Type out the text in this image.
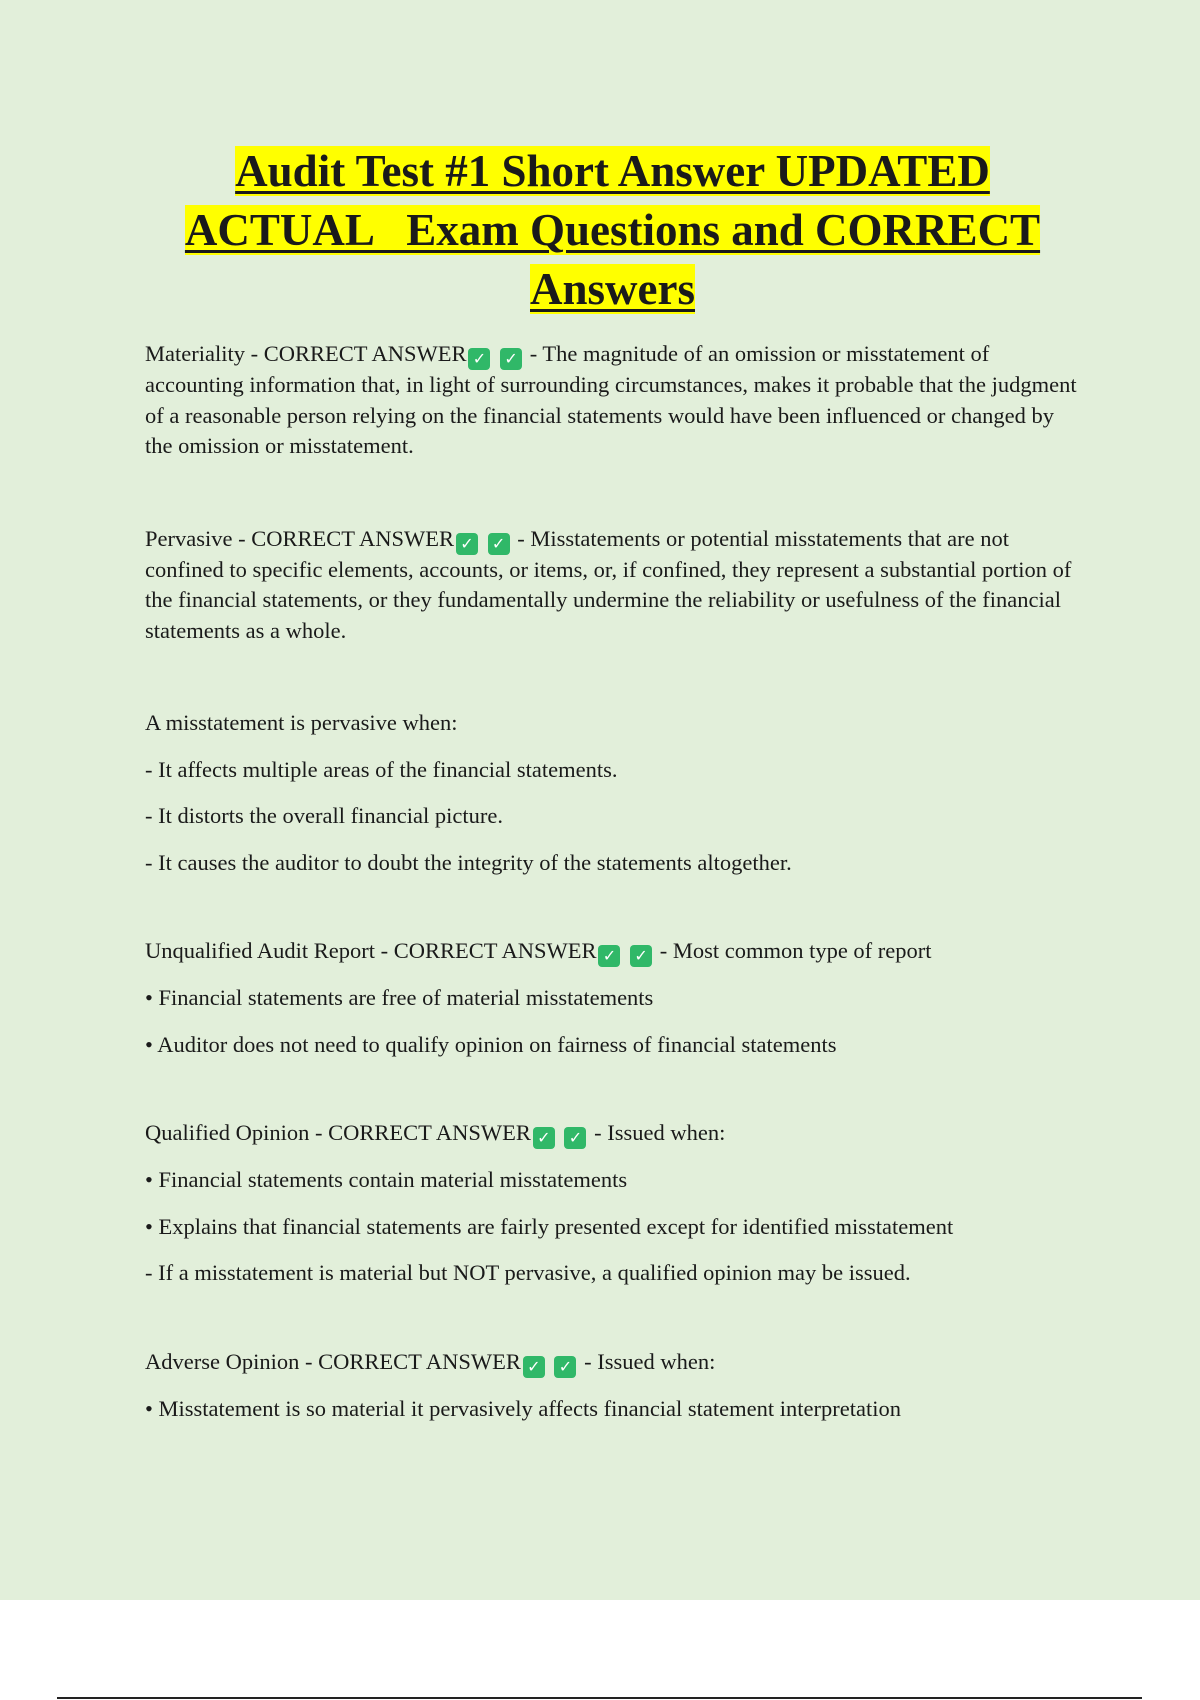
Audit Test #1 Short Answer UPDATED
ACTUAL   Exam Questions and CORRECT
Answers

Materiality - CORRECT ANSWER ✓ ✓ - The magnitude of an omission or misstatement of accounting information that, in light of surrounding circumstances, makes it probable that the judgment of a reasonable person relying on the financial statements would have been influenced or changed by the omission or misstatement.

Pervasive - CORRECT ANSWER ✓ ✓ - Misstatements or potential misstatements that are not confined to specific elements, accounts, or items, or, if confined, they represent a substantial portion of the financial statements, or they fundamentally undermine the reliability or usefulness of the financial statements as a whole.

A misstatement is pervasive when:

- It affects multiple areas of the financial statements.

- It distorts the overall financial picture.

- It causes the auditor to doubt the integrity of the statements altogether.

Unqualified Audit Report - CORRECT ANSWER ✓ ✓ - Most common type of report

• Financial statements are free of material misstatements

• Auditor does not need to qualify opinion on fairness of financial statements

Qualified Opinion - CORRECT ANSWER ✓ ✓ - Issued when:

• Financial statements contain material misstatements

• Explains that financial statements are fairly presented except for identified misstatement

- If a misstatement is material but NOT pervasive, a qualified opinion may be issued.

Adverse Opinion - CORRECT ANSWER ✓ ✓ - Issued when:

• Misstatement is so material it pervasively affects financial statement interpretation
